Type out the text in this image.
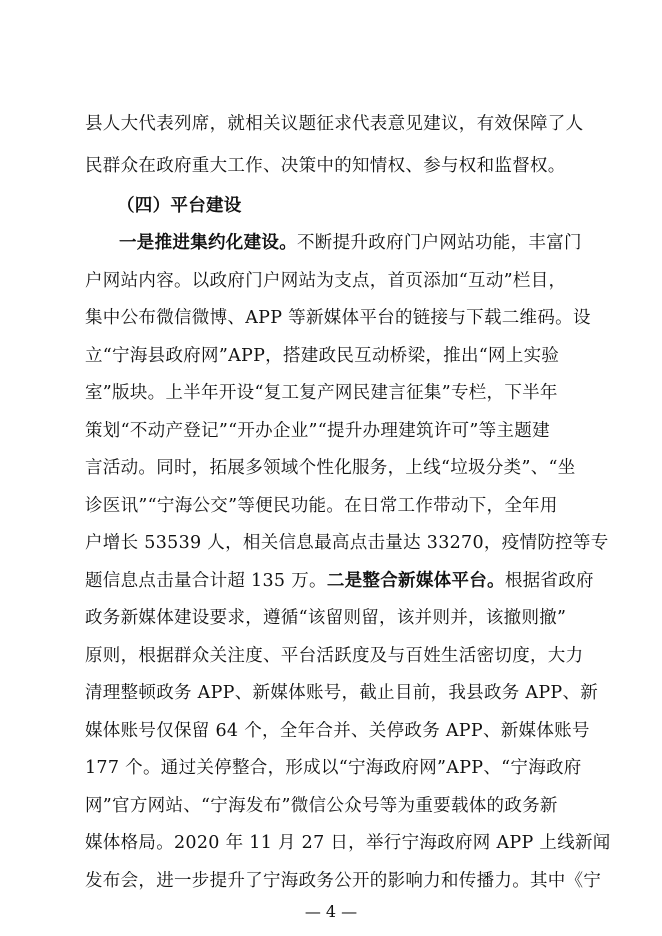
县人大代表列席，就相关议题征求代表意见建议，有效保障了人
民群众在政府重大工作、决策中的知情权、参与权和监督权。
（四）平台建设
一是推进集约化建设。不断提升政府门户网站功能，丰富门
户网站内容。以政府门户网站为支点，首页添加“互动”栏目，
集中公布微信微博、APP 等新媒体平台的链接与下载二维码。设
立“宁海县政府网”APP，搭建政民互动桥梁，推出“网上实验
室”版块。上半年开设“复工复产网民建言征集”专栏，下半年
策划“不动产登记”“开办企业”“提升办理建筑许可”等主题建
言活动。同时，拓展多领域个性化服务，上线“垃圾分类”、“坐
诊医讯”“宁海公交”等便民功能。在日常工作带动下，全年用
户增长 53539 人，相关信息最高点击量达 33270，疫情防控等专
题信息点击量合计超 135 万。二是整合新媒体平台。根据省政府
政务新媒体建设要求，遵循“该留则留，该并则并，该撤则撤”
原则，根据群众关注度、平台活跃度及与百姓生活密切度，大力
清理整顿政务 APP、新媒体账号，截止目前，我县政务 APP、新
媒体账号仅保留 64 个，全年合并、关停政务 APP、新媒体账号
177 个。通过关停整合，形成以“宁海政府网”APP、“宁海政府
网”官方网站、“宁海发布”微信公众号等为重要载体的政务新
媒体格局。2020 年 11 月 27 日，举行宁海政府网 APP 上线新闻
发布会，进一步提升了宁海政务公开的影响力和传播力。其中《宁
— 4 —
